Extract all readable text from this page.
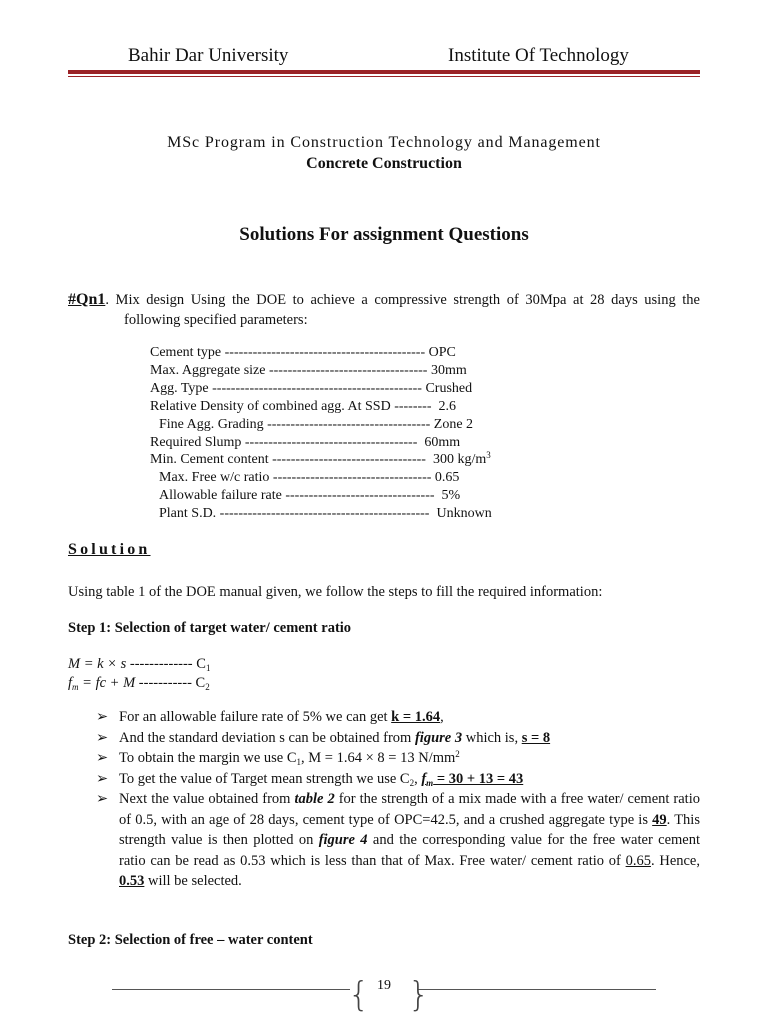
Bahir Dar University	Institute Of Technology
MSc Program in Construction Technology and Management
Concrete Construction
Solutions For assignment Questions
#Qn1. Mix design Using the DOE to achieve a compressive strength of 30Mpa at 28 days using the
following specified parameters:
Cement type ------------------------------------------- OPC
Max. Aggregate size ---------------------------------- 30mm
Agg. Type --------------------------------------------- Crushed
Relative Density of combined agg. At SSD --------  2.6
Fine Agg. Grading ----------------------------------- Zone 2
Required Slump -------------------------------------  60mm
Min. Cement content ---------------------------------  300 $kg/m^3$
Max. Free w/c ratio ---------------------------------- 0.65
Allowable failure rate --------------------------------  5%
Plant S.D. ---------------------------------------------  Unknown
Solution
Using table 1 of the DOE manual given, we follow the steps to fill the required information:
Step 1: Selection of target water/ cement ratio
M = k × s ------------- $C_1$
$f_m$ = fc + M ----------- $C_2$
➢ For an allowable failure rate of 5% we can get k = 1.64,
➢ And the standard deviation s can be obtained from figure 3 which is, s = 8
➢ To obtain the margin we use $C_1$, M = 1.64 × 8 = 13 $N/mm^2$
➢ To get the value of Target mean strength we use $C_2$, $f_m = 30 + 13 = 43$
➢ Next the value obtained from table 2 for the strength of a mix made with a free water/ cement ratio of 0.5, with an age of 28 days, cement type of OPC=42.5, and a crushed aggregate type is 49. This strength value is then plotted on figure 4 and the corresponding value for the free water cement ratio can be read as 0.53 which is less than that of Max. Free water/ cement ratio of 0.65. Hence, 0.53 will be selected.
Step 2: Selection of free – water content
{ }
19
